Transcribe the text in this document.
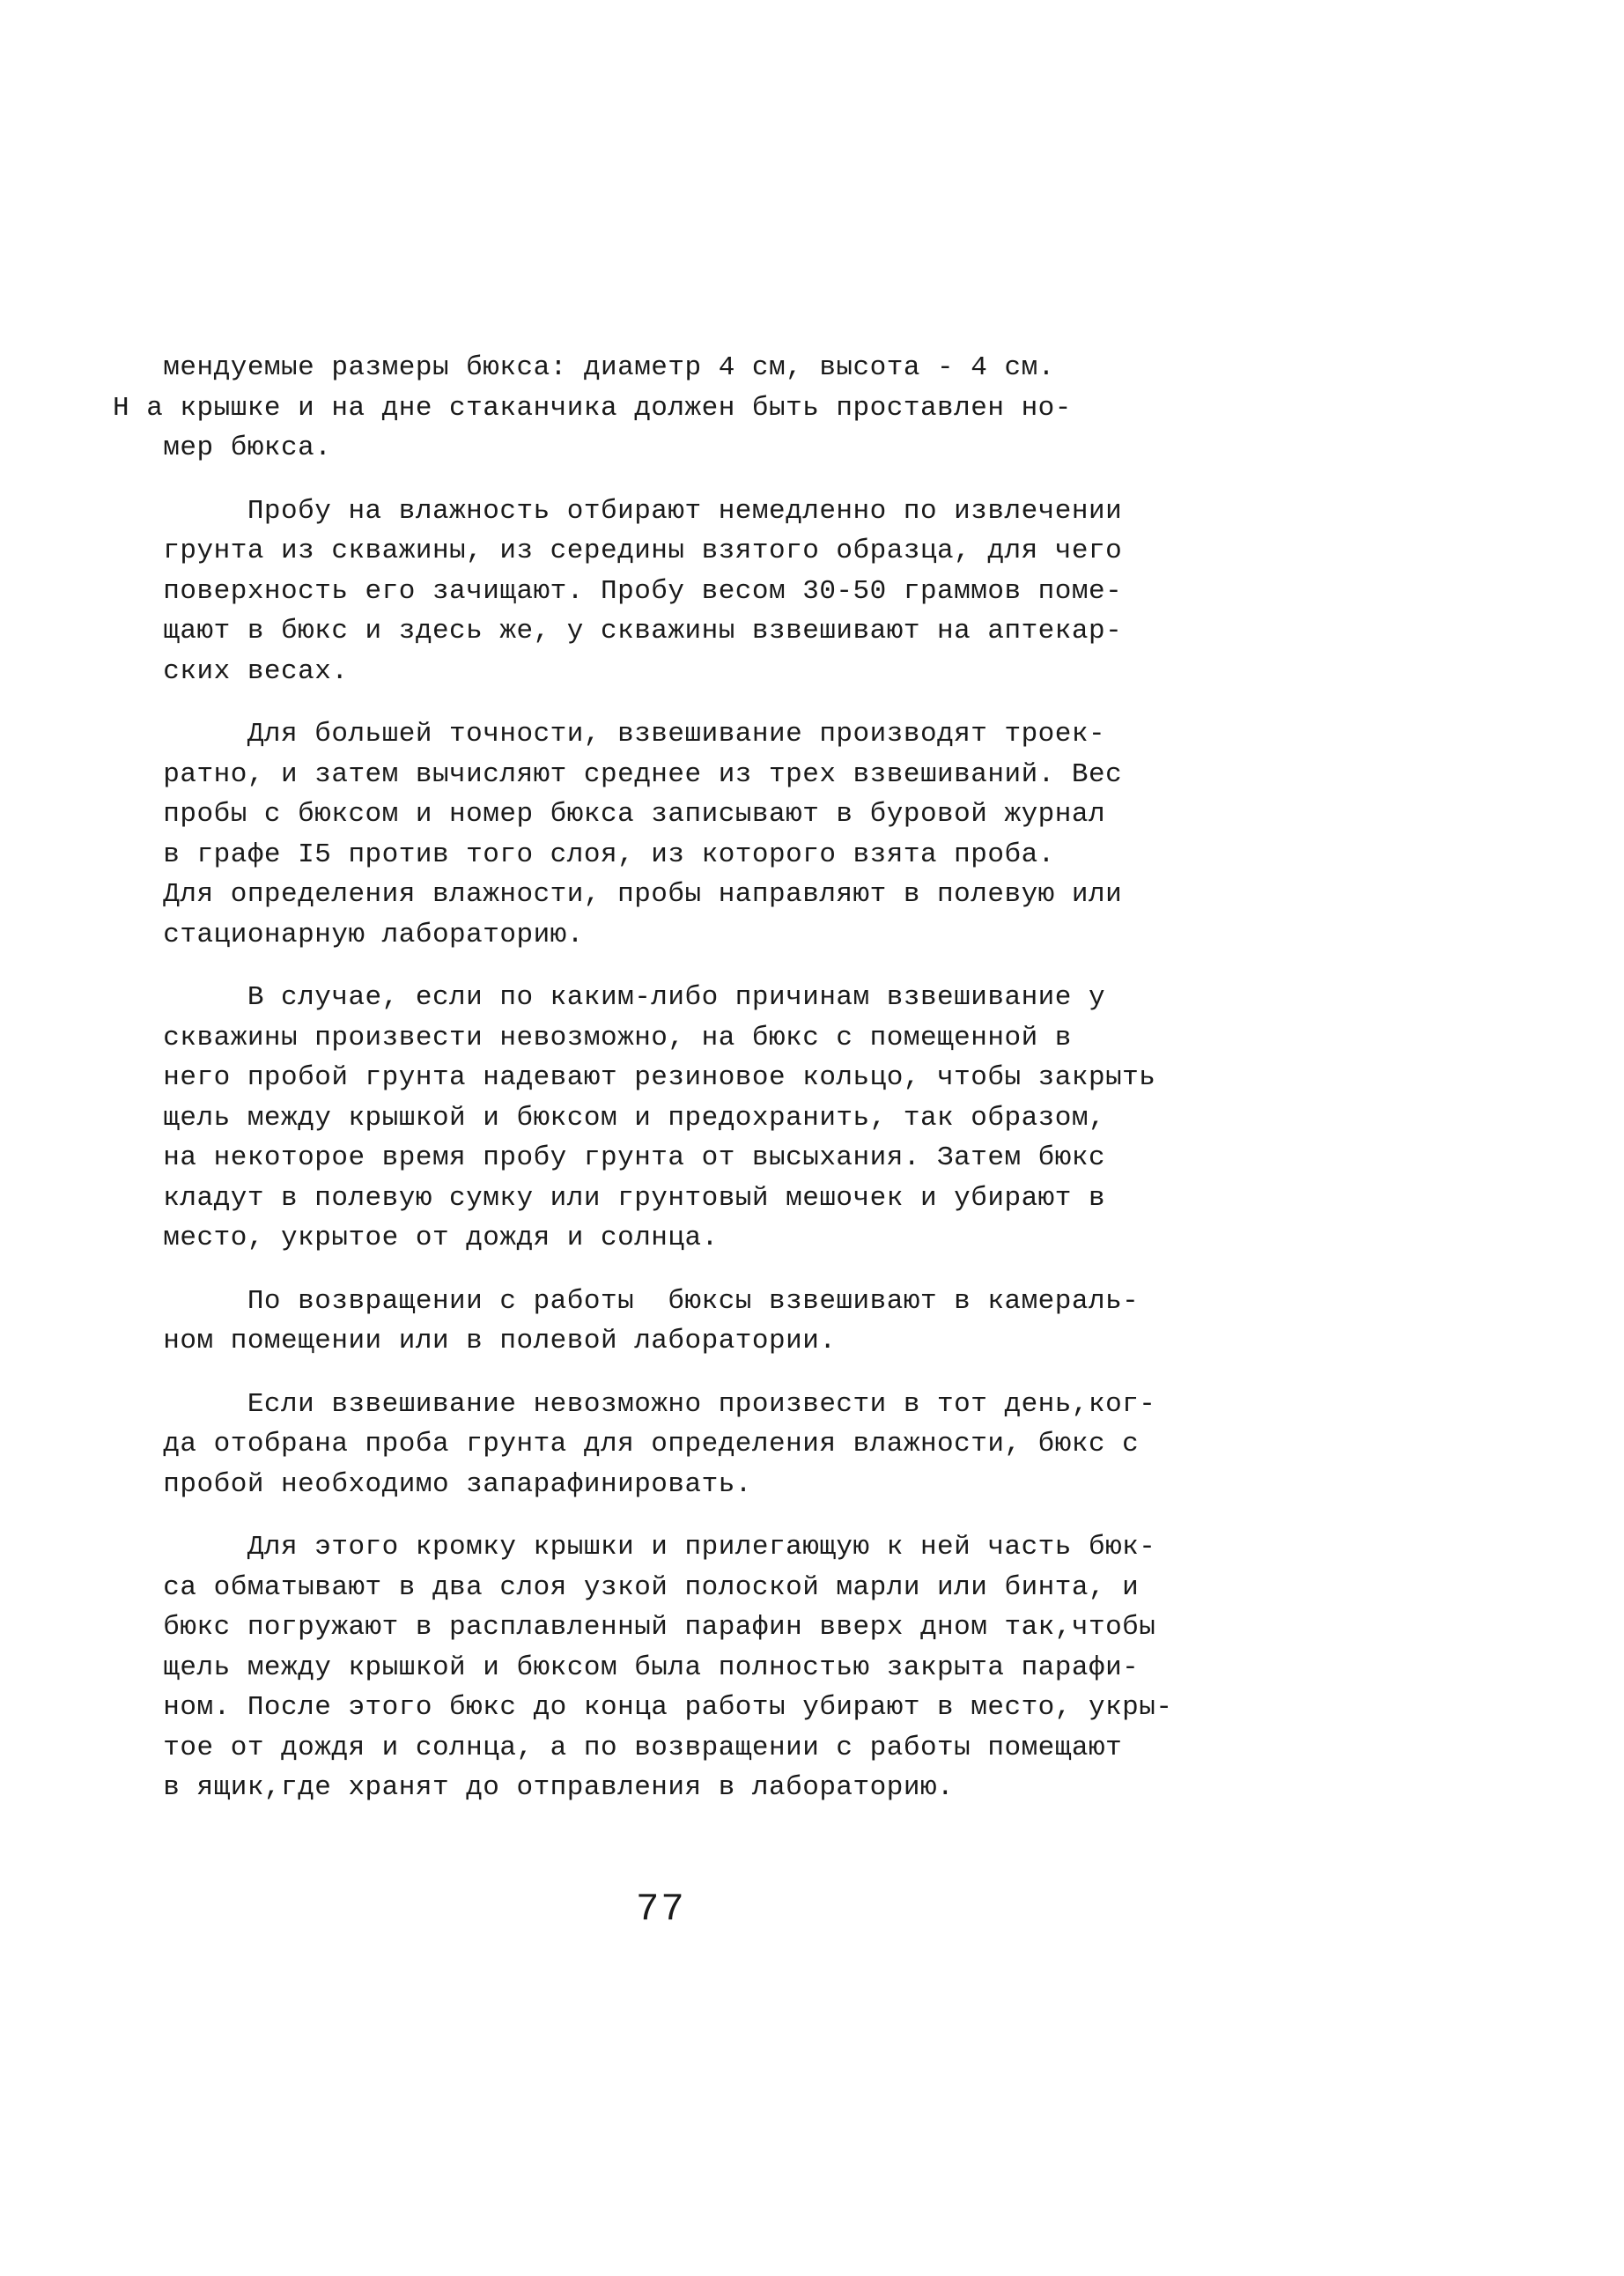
мендуемые размеры бюкса: диаметр 4 см, высота - 4 см.
Н а крышке и на дне стаканчика должен быть проставлен но-
мер бюкса.
Пробу на влажность отбирают немедленно по извлечении
грунта из скважины, из середины взятого образца, для чего
поверхность его зачищают. Пробу весом 30-50 граммов поме-
щают в бюкс и здесь же, у скважины взвешивают на аптекар-
ских весах.
Для большей точности, взвешивание производят троек-
ратно, и затем вычисляют среднее из трех взвешиваний. Вес
пробы с бюксом и номер бюкса записывают в буровой журнал
в графе I5 против того слоя, из которого взята проба.
Для определения влажности, пробы направляют в полевую или
стационарную лабораторию.
В случае, если по каким-либо причинам взвешивание у
скважины произвести невозможно, на бюкс с помещенной в
него пробой грунта надевают резиновое кольцо, чтобы закрыть
щель между крышкой и бюксом и предохранить, так образом,
на некоторое время пробу грунта от высыхания. Затем бюкс
кладут в полевую сумку или грунтовый мешочек и убирают в
место, укрытое от дождя и солнца.
По возвращении с работы  бюксы взвешивают в камераль-
ном помещении или в полевой лаборатории.
Если взвешивание невозможно произвести в тот день,ког-
да отобрана проба грунта для определения влажности, бюкс с
пробой необходимо запарафинировать.
Для этого кромку крышки и прилегающую к ней часть бюк-
са обматывают в два слоя узкой полоской марли или бинта, и
бюкс погружают в расплавленный парафин вверх дном так,чтобы
щель между крышкой и бюксом была полностью закрыта парафи-
ном. После этого бюкс до конца работы убирают в место, укры-
тое от дождя и солнца, а по возвращении с работы помещают
в ящик,где хранят до отправления в лабораторию.
77
